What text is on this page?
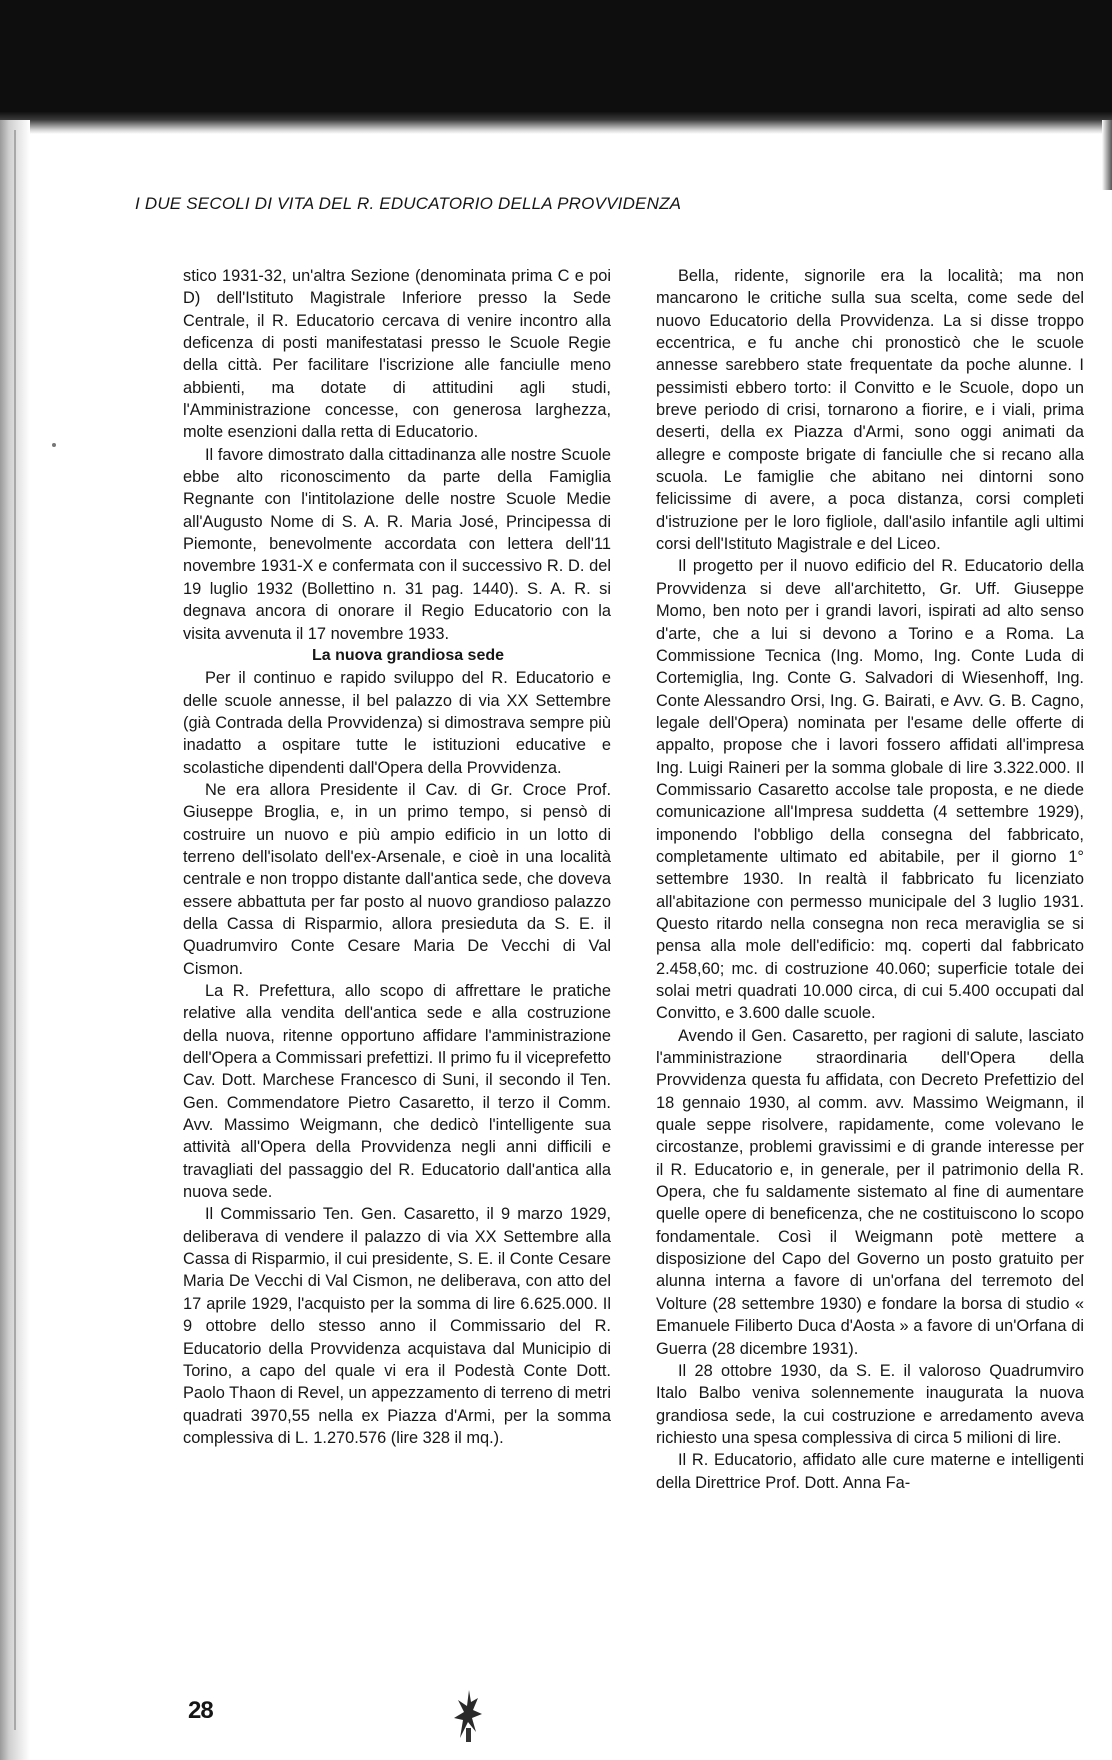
I DUE SECOLI DI VITA DEL R. EDUCATORIO DELLA PROVVIDENZA

stico 1931-32, un'altra Sezione (denominata prima C e poi D) dell'Istituto Magistrale Inferiore presso la Sede Centrale, il R. Educatorio cercava di venire incontro alla deficenza di posti manifestatasi presso le Scuole Regie della città. Per facilitare l'iscrizione alle fanciulle meno abbienti, ma dotate di attitudini agli studi, l'Amministrazione concesse, con generosa larghezza, molte esenzioni dalla retta di Educatorio.

Il favore dimostrato dalla cittadinanza alle nostre Scuole ebbe alto riconoscimento da parte della Famiglia Regnante con l'intitolazione delle nostre Scuole Medie all'Augusto Nome di S. A. R. Maria José, Principessa di Piemonte, benevolmente accordata con lettera dell'11 novembre 1931-X e confermata con il successivo R. D. del 19 luglio 1932 (Bollettino n. 31 pag. 1440). S. A. R. si degnava ancora di onorare il Regio Educatorio con la visita avvenuta il 17 novembre 1933.

La nuova grandiosa sede

Per il continuo e rapido sviluppo del R. Educatorio e delle scuole annesse, il bel palazzo di via XX Settembre (già Contrada della Provvidenza) si dimostrava sempre più inadatto a ospitare tutte le istituzioni educative e scolastiche dipendenti dall'Opera della Provvidenza.

Ne era allora Presidente il Cav. di Gr. Croce Prof. Giuseppe Broglia, e, in un primo tempo, si pensò di costruire un nuovo e più ampio edificio in un lotto di terreno dell'isolato dell'ex-Arsenale, e cioè in una località centrale e non troppo distante dall'antica sede, che doveva essere abbattuta per far posto al nuovo grandioso palazzo della Cassa di Risparmio, allora presieduta da S. E. il Quadrumviro Conte Cesare Maria De Vecchi di Val Cismon.

La R. Prefettura, allo scopo di affrettare le pratiche relative alla vendita dell'antica sede e alla costruzione della nuova, ritenne opportuno affidare l'amministrazione dell'Opera a Commissari prefettizi. Il primo fu il viceprefetto Cav. Dott. Marchese Francesco di Suni, il secondo il Ten. Gen. Commendatore Pietro Casaretto, il terzo il Comm. Avv. Massimo Weigmann, che dedicò l'intelligente sua attività all'Opera della Provvidenza negli anni difficili e travagliati del passaggio del R. Educatorio dall'antica alla nuova sede.

Il Commissario Ten. Gen. Casaretto, il 9 marzo 1929, deliberava di vendere il palazzo di via XX Settembre alla Cassa di Risparmio, il cui presidente, S. E. il Conte Cesare Maria De Vecchi di Val Cismon, ne deliberava, con atto del 17 aprile 1929, l'acquisto per la somma di lire 6.625.000. Il 9 ottobre dello stesso anno il Commissario del R. Educatorio della Provvidenza acquistava dal Municipio di Torino, a capo del quale vi era il Podestà Conte Dott. Paolo Thaon di Revel, un appezzamento di terreno di metri quadrati 3970,55 nella ex Piazza d'Armi, per la somma complessiva di L. 1.270.576 (lire 328 il mq.).

Bella, ridente, signorile era la località; ma non mancarono le critiche sulla sua scelta, come sede del nuovo Educatorio della Provvidenza. La si disse troppo eccentrica, e fu anche chi pronosticò che le scuole annesse sarebbero state frequentate da poche alunne. I pessimisti ebbero torto: il Convitto e le Scuole, dopo un breve periodo di crisi, tornarono a fiorire, e i viali, prima deserti, della ex Piazza d'Armi, sono oggi animati da allegre e composte brigate di fanciulle che si recano alla scuola. Le famiglie che abitano nei dintorni sono felicissime di avere, a poca distanza, corsi completi d'istruzione per le loro figliole, dall'asilo infantile agli ultimi corsi dell'Istituto Magistrale e del Liceo.

Il progetto per il nuovo edificio del R. Educatorio della Provvidenza si deve all'architetto, Gr. Uff. Giuseppe Momo, ben noto per i grandi lavori, ispirati ad alto senso d'arte, che a lui si devono a Torino e a Roma. La Commissione Tecnica (Ing. Momo, Ing. Conte Luda di Cortemiglia, Ing. Conte G. Salvadori di Wiesenhoff, Ing. Conte Alessandro Orsi, Ing. G. Bairati, e Avv. G. B. Cagno, legale dell'Opera) nominata per l'esame delle offerte di appalto, propose che i lavori fossero affidati all'impresa Ing. Luigi Raineri per la somma globale di lire 3.322.000. Il Commissario Casaretto accolse tale proposta, e ne diede comunicazione all'Impresa suddetta (4 settembre 1929), imponendo l'obbligo della consegna del fabbricato, completamente ultimato ed abitabile, per il giorno 1° settembre 1930. In realtà il fabbricato fu licenziato all'abitazione con permesso municipale del 3 luglio 1931. Questo ritardo nella consegna non reca meraviglia se si pensa alla mole dell'edificio: mq. coperti dal fabbricato 2.458,60; mc. di costruzione 40.060; superficie totale dei solai metri quadrati 10.000 circa, di cui 5.400 occupati dal Convitto, e 3.600 dalle scuole.

Avendo il Gen. Casaretto, per ragioni di salute, lasciato l'amministrazione straordinaria dell'Opera della Provvidenza questa fu affidata, con Decreto Prefettizio del 18 gennaio 1930, al comm. avv. Massimo Weigmann, il quale seppe risolvere, rapidamente, come volevano le circostanze, problemi gravissimi e di grande interesse per il R. Educatorio e, in generale, per il patrimonio della R. Opera, che fu saldamente sistemato al fine di aumentare quelle opere di beneficenza, che ne costituiscono lo scopo fondamentale. Così il Weigmann potè mettere a disposizione del Capo del Governo un posto gratuito per alunna interna a favore di un'orfana del terremoto del Volture (28 settembre 1930) e fondare la borsa di studio « Emanuele Filiberto Duca d'Aosta » a favore di un'Orfana di Guerra (28 dicembre 1931).

Il 28 ottobre 1930, da S. E. il valoroso Quadrumviro Italo Balbo veniva solennemente inaugurata la nuova grandiosa sede, la cui costruzione e arredamento aveva richiesto una spesa complessiva di circa 5 milioni di lire.

Il R. Educatorio, affidato alle cure materne e intelligenti della Direttrice Prof. Dott. Anna Fa-

28
